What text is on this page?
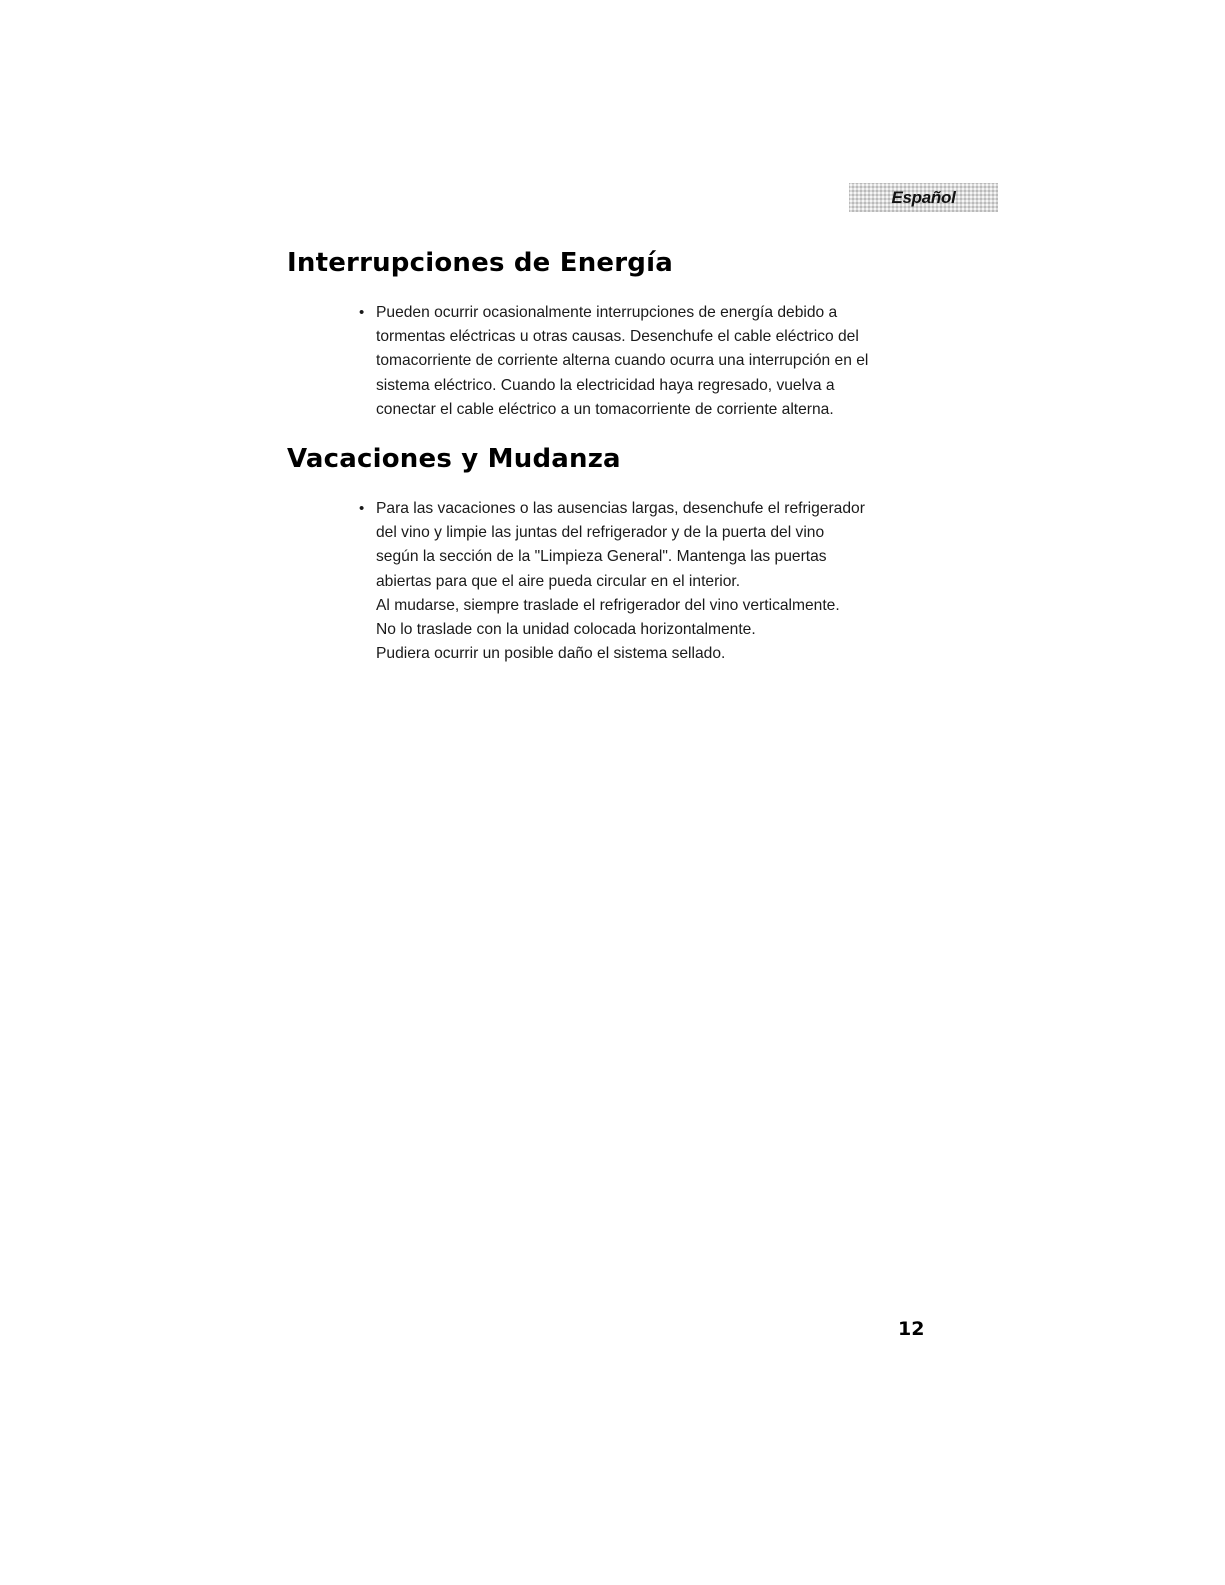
Español
Interrupciones de Energía
• Pueden ocurrir ocasionalmente interrupciones de energía debido a

tormentas eléctricas u otras causas. Desenchufe el cable eléctrico del

tomacorriente de corriente alterna cuando ocurra una interrupción en el

sistema eléctrico. Cuando la electricidad haya regresado, vuelva a

conectar el cable eléctrico a un tomacorriente de corriente alterna.

Vacaciones y Mudanza
• Para las vacaciones o las ausencias largas, desenchufe el refrigerador

del vino y limpie las juntas del refrigerador y de la puerta del vino

según la sección de la "Limpieza General". Mantenga las puertas

abiertas para que el aire pueda circular en el interior.

Al mudarse, siempre traslade el refrigerador del vino verticalmente.

No lo traslade con la unidad colocada horizontalmente.

Pudiera ocurrir un posible daño el sistema sellado.

12
